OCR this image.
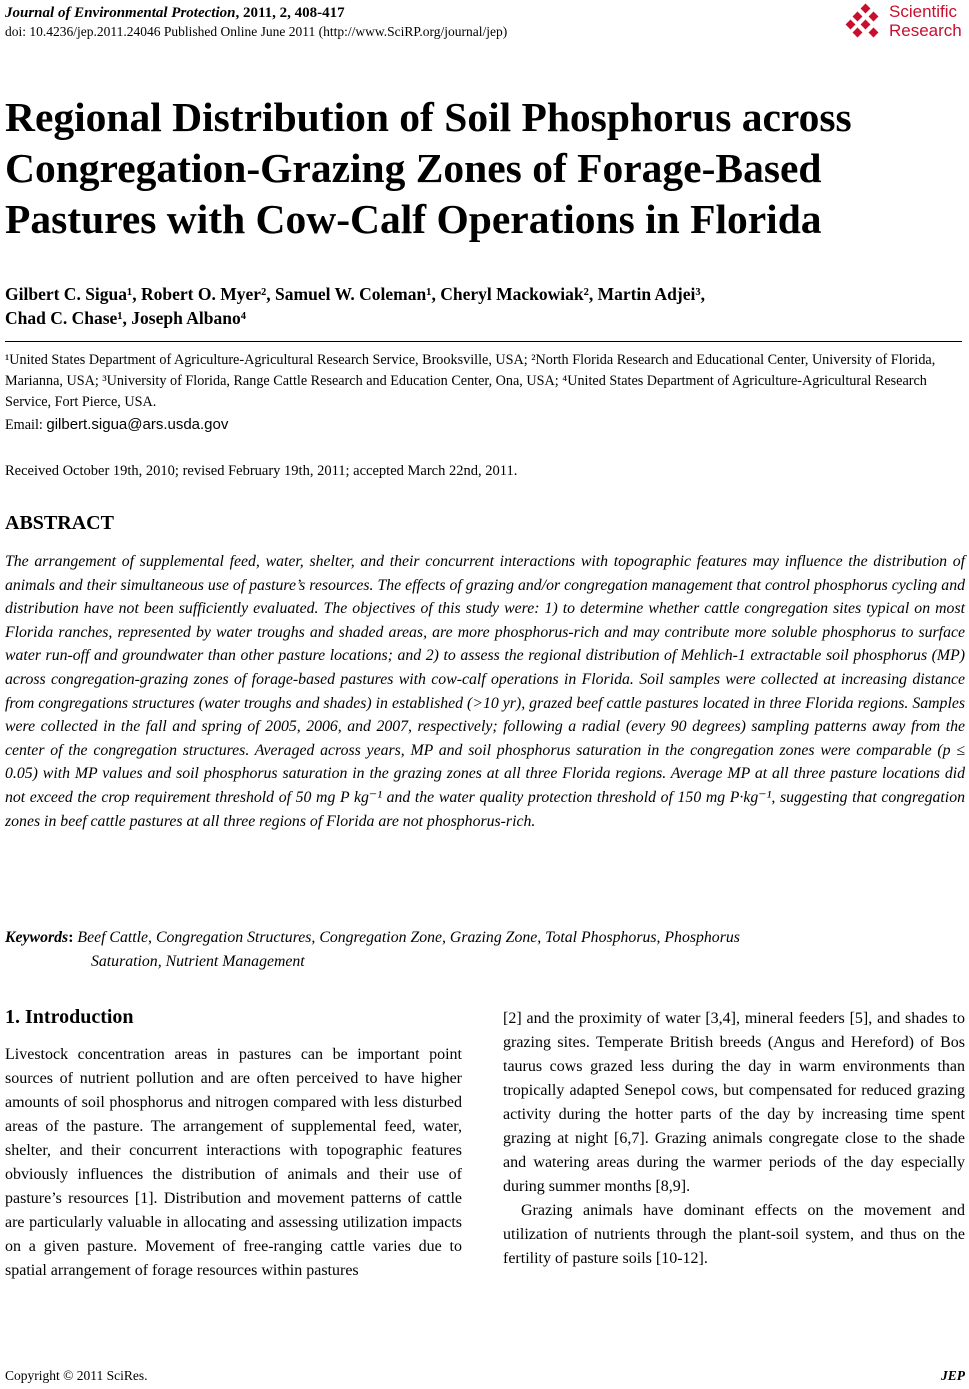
Journal of Environmental Protection, 2011, 2, 408-417
doi: 10.4236/jep.2011.24046 Published Online June 2011 (http://www.SciRP.org/journal/jep)
Scientific
Research
Regional Distribution of Soil Phosphorus across
Congregation-Grazing Zones of Forage-Based
Pastures with Cow-Calf Operations in Florida
Gilbert C. Sigua¹, Robert O. Myer², Samuel W. Coleman¹, Cheryl Mackowiak², Martin Adjei³,
Chad C. Chase¹, Joseph Albano⁴
¹United States Department of Agriculture-Agricultural Research Service, Brooksville, USA; ²North Florida Research and Educational Center, University of Florida, Marianna, USA; ³University of Florida, Range Cattle Research and Education Center, Ona, USA; ⁴United States Department of Agriculture-Agricultural Research Service, Fort Pierce, USA.
Email: gilbert.sigua@ars.usda.gov
Received October 19th, 2010; revised February 19th, 2011; accepted March 22nd, 2011.
ABSTRACT
The arrangement of supplemental feed, water, shelter, and their concurrent interactions with topographic features may influence the distribution of animals and their simultaneous use of pasture’s resources. The effects of grazing and/or congregation management that control phosphorus cycling and distribution have not been sufficiently evaluated. The objectives of this study were: 1) to determine whether cattle congregation sites typical on most Florida ranches, represented by water troughs and shaded areas, are more phosphorus-rich and may contribute more soluble phosphorus to surface water run-off and groundwater than other pasture locations; and 2) to assess the regional distribution of Mehlich-1 extractable soil phosphorus (MP) across congregation-grazing zones of forage-based pastures with cow-calf operations in Florida. Soil samples were collected at increasing distance from congregations structures (water troughs and shades) in established (>10 yr), grazed beef cattle pastures located in three Florida regions. Samples were collected in the fall and spring of 2005, 2006, and 2007, respectively; following a radial (every 90 degrees) sampling patterns away from the center of the congregation structures. Averaged across years, MP and soil phosphorus saturation in the congregation zones were comparable (p ≤ 0.05) with MP values and soil phosphorus saturation in the grazing zones at all three Florida regions. Average MP at all three pasture locations did not exceed the crop requirement threshold of 50 mg P kg⁻¹ and the water quality protection threshold of 150 mg P·kg⁻¹, suggesting that congregation zones in beef cattle pastures at all three regions of Florida are not phosphorus-rich.
Keywords: Beef Cattle, Congregation Structures, Congregation Zone, Grazing Zone, Total Phosphorus, Phosphorus
Saturation, Nutrient Management
1. Introduction

Livestock concentration areas in pastures can be important point sources of nutrient pollution and are often perceived to have higher amounts of soil phosphorus and nitrogen compared with less disturbed areas of the pasture. The arrangement of supplemental feed, water, shelter, and their concurrent interactions with topographic features obviously influences the distribution of animals and their use of pasture’s resources [1]. Distribution and movement patterns of cattle are particularly valuable in allocating and assessing utilization impacts on a given pasture. Movement of free-ranging cattle varies due to spatial arrangement of forage resources within pastures

[2] and the proximity of water [3,4], mineral feeders [5], and shades to grazing sites. Temperate British breeds (Angus and Hereford) of Bos taurus cows grazed less during the day in warm environments than tropically adapted Senepol cows, but compensated for reduced grazing activity during the hotter parts of the day by increasing time spent grazing at night [6,7]. Grazing animals congregate close to the shade and watering areas during the warmer periods of the day especially during summer months [8,9].

Grazing animals have dominant effects on the movement and utilization of nutrients through the plant-soil system, and thus on the fertility of pasture soils [10-12].

Copyright © 2011 SciRes.	JEP
